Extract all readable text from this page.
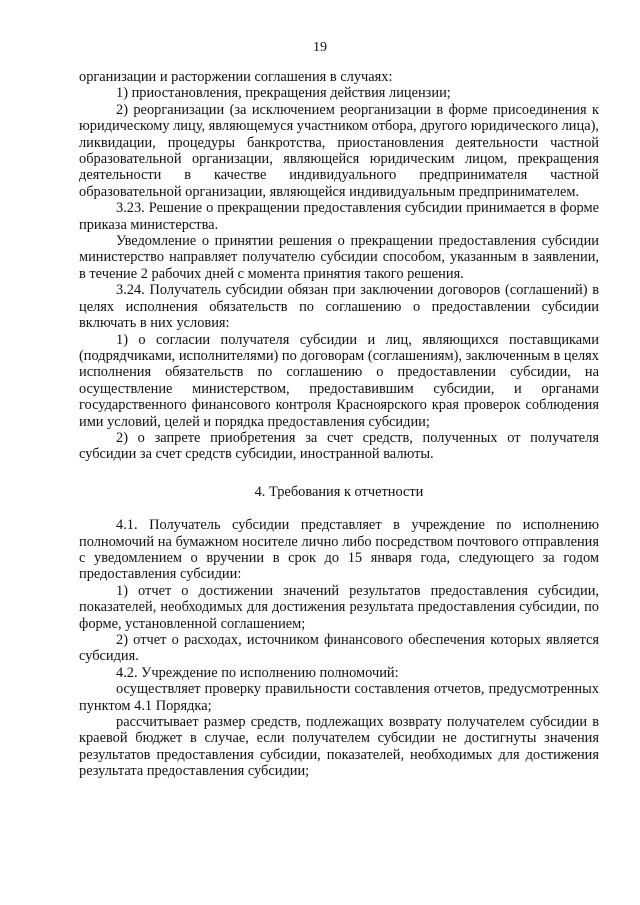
19

организации и расторжении соглашения в случаях:

1) приостановления, прекращения действия лицензии;

2) реорганизации (за исключением реорганизации в форме присоединения к юридическому лицу, являющемуся участником отбора, другого юридического лица), ликвидации, процедуры банкротства, приостановления деятельности частной образовательной организации, являющейся юридическим лицом, прекращения деятельности в качестве индивидуального предпринимателя частной образовательной организации, являющейся индивидуальным предпринимателем.

3.23. Решение о прекращении предоставления субсидии принимается в форме приказа министерства.

Уведомление о принятии решения о прекращении предоставления субсидии министерство направляет получателю субсидии способом, указанным в заявлении, в течение 2 рабочих дней с момента принятия такого решения.

3.24. Получатель субсидии обязан при заключении договоров (соглашений) в целях исполнения обязательств по соглашению о предоставлении субсидии включать в них условия:

1) о согласии получателя субсидии и лиц, являющихся поставщиками (подрядчиками, исполнителями) по договорам (соглашениям), заключенным в целях исполнения обязательств по соглашению о предоставлении субсидии, на осуществление министерством, предоставившим субсидии, и органами государственного финансового контроля Красноярского края проверок соблюдения ими условий, целей и порядка предоставления субсидии;

2) о запрете приобретения за счет средств, полученных от получателя субсидии за счет средств субсидии, иностранной валюты.

4. Требования к отчетности

4.1. Получатель субсидии представляет в учреждение по исполнению полномочий на бумажном носителе лично либо посредством почтового отправления с уведомлением о вручении в срок до 15 января года, следующего за годом предоставления субсидии:

1) отчет о достижении значений результатов предоставления субсидии, показателей, необходимых для достижения результата предоставления субсидии, по форме, установленной соглашением;

2) отчет о расходах, источником финансового обеспечения которых является субсидия.

4.2. Учреждение по исполнению полномочий:

осуществляет проверку правильности составления отчетов, предусмотренных пунктом 4.1 Порядка;

рассчитывает размер средств, подлежащих возврату получателем субсидии в краевой бюджет в случае, если получателем субсидии не достигнуты значения результатов предоставления субсидии, показателей, необходимых для достижения результата предоставления субсидии;
